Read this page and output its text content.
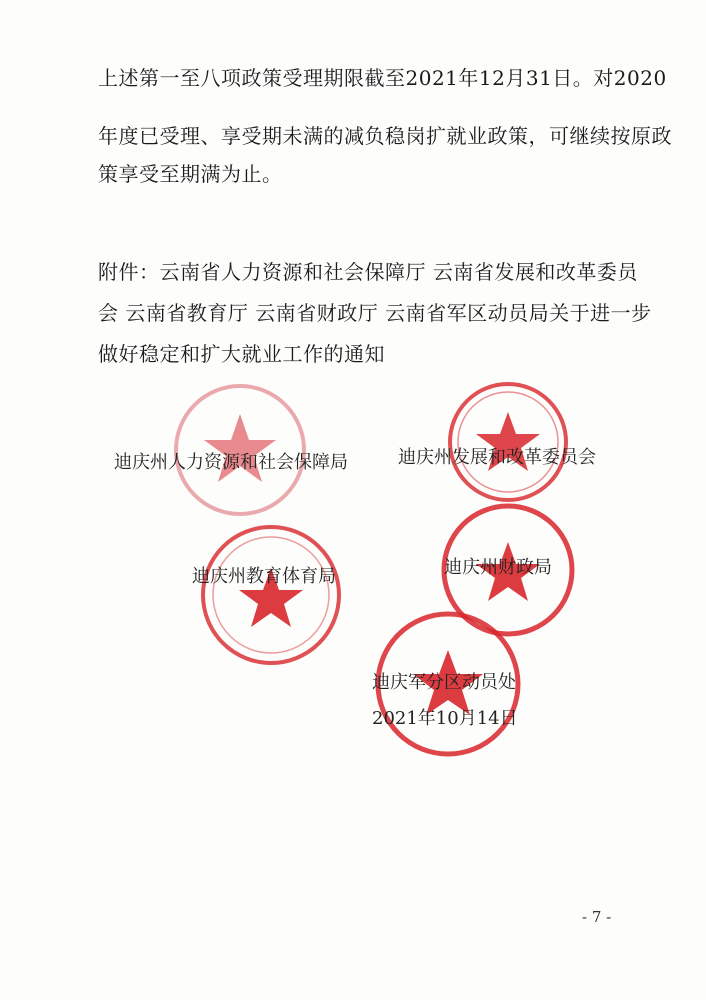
上述第一至八项政策受理期限截至2021年12月31日。对2020
年度已受理、享受期未满的减负稳岗扩就业政策，可继续按原政
策享受至期满为止。
附件：云南省人力资源和社会保障厅 云南省发展和改革委员
会 云南省教育厅 云南省财政厅 云南省军区动员局关于进一步
做好稳定和扩大就业工作的通知
迪庆州人力资源和社会保障局	迪庆州发展和改革委员会
迪庆州教育体育局	迪庆州财政局
迪庆军分区动员处
2021年10月14日
- 7 -
